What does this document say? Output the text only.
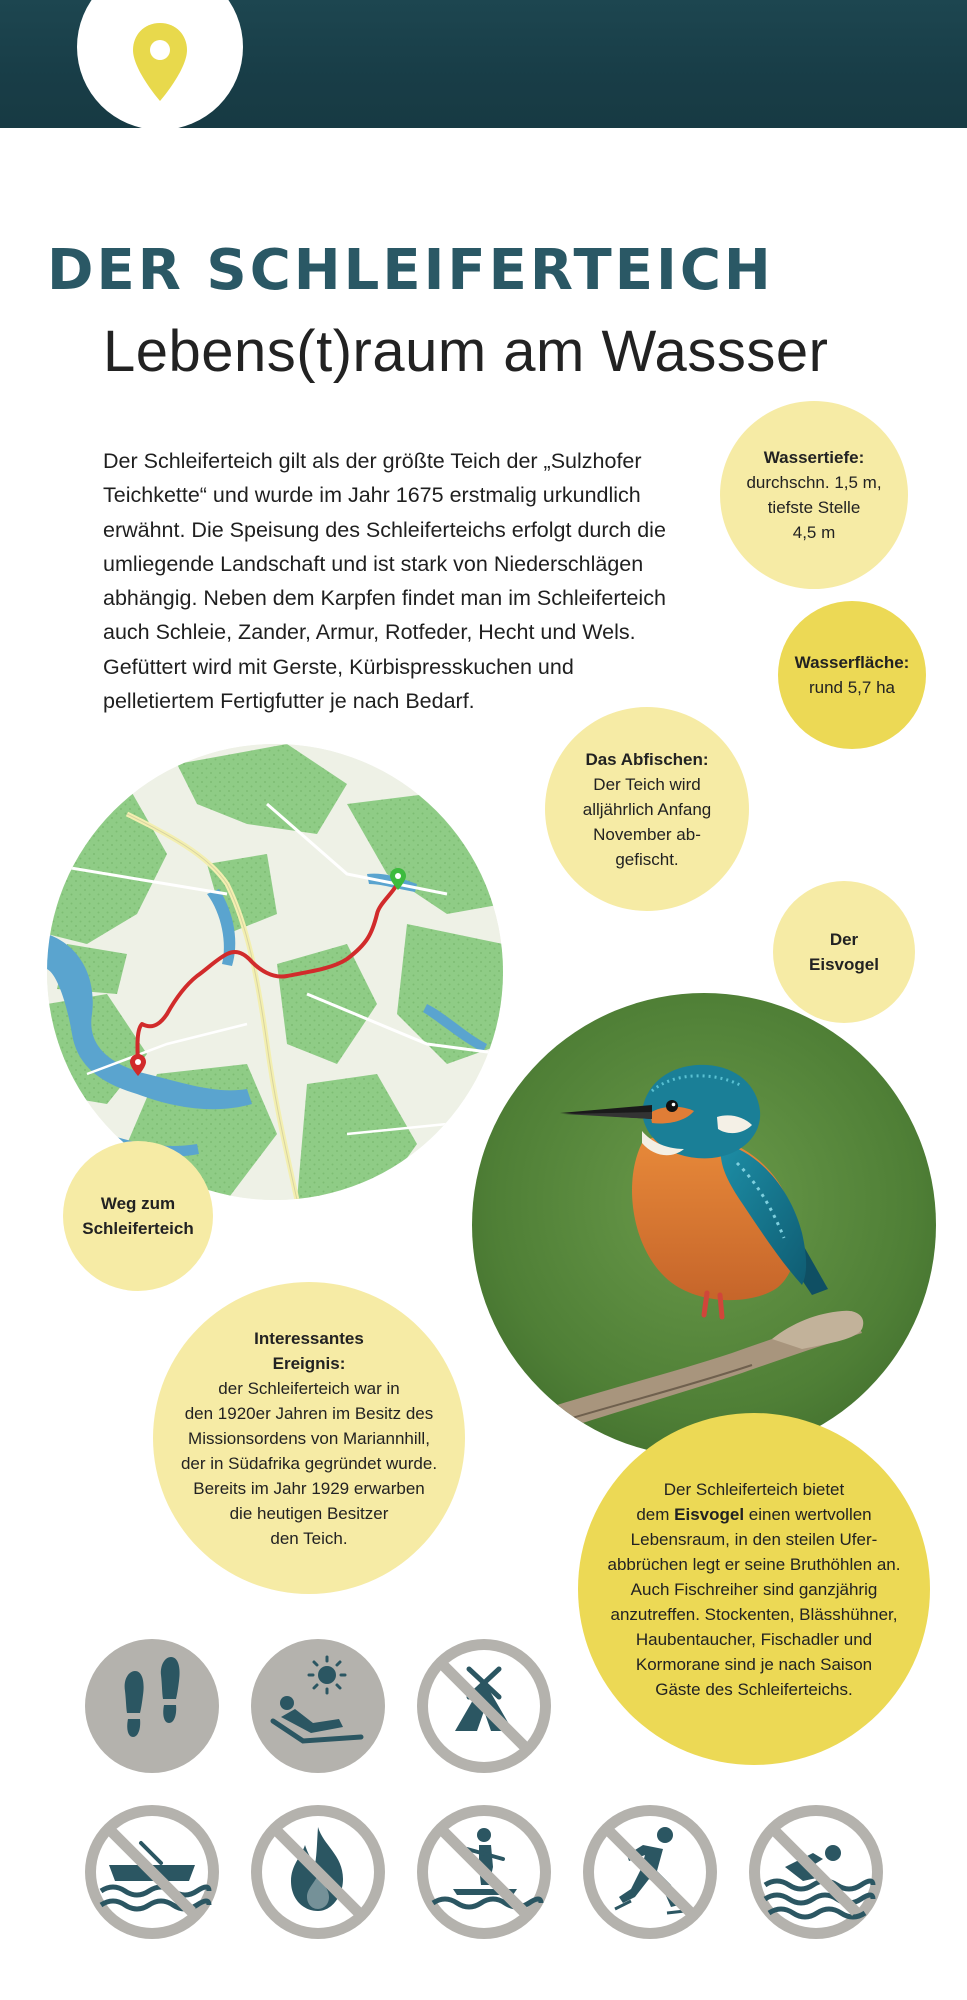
DER SCHLEIFERTEICH
Lebens(t)raum am Wassser
Der Schleiferteich gilt als der größte Teich der „Sulzhofer
Teichkette“ und wurde im Jahr 1675 erstmalig urkundlich
erwähnt. Die Speisung des Schleiferteichs erfolgt durch die
umliegende Landschaft und ist stark von Niederschlägen
abhängig. Neben dem Karpfen findet man im Schleiferteich
auch Schleie, Zander, Armur, Rotfeder, Hecht und Wels.
Gefüttert wird mit Gerste, Kürbispresskuchen und
pelletiertem Fertigfutter je nach Bedarf.
Wassertiefe:
durchschn. 1,5 m,
tiefste Stelle
4,5 m
Wasserfläche:
rund 5,7 ha
Das Abfischen:
Der Teich wird
alljährlich Anfang
November ab-
gefischt.
Der
Eisvogel
Weg zum
Schleiferteich
Interessantes
Ereignis:
der Schleiferteich war in
den 1920er Jahren im Besitz des
Missionsordens von Mariannhill,
der in Südafrika gegründet wurde.
Bereits im Jahr 1929 erwarben
die heutigen Besitzer
den Teich.
Der Schleiferteich bietet
dem Eisvogel einen wertvollen
Lebensraum, in den steilen Ufer-
abbrüchen legt er seine Bruthöhlen an.
Auch Fischreiher sind ganzjährig
anzutreffen. Stockenten, Blässhühner,
Haubentaucher, Fischadler und
Kormorane sind je nach Saison
Gäste des Schleiferteichs.
